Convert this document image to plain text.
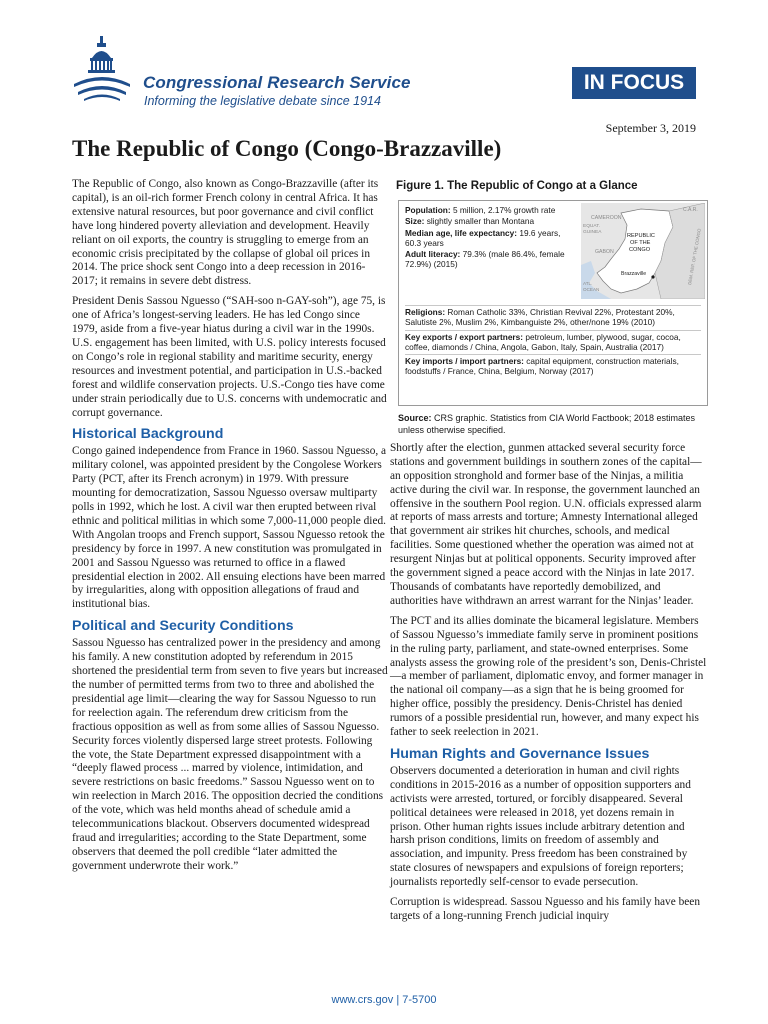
Congressional Research Service
Informing the legislative debate since 1914
IN FOCUS
September 3, 2019
The Republic of Congo (Congo-Brazzaville)

The Republic of Congo, also known as Congo-Brazzaville (after its capital), is an oil-rich former French colony in central Africa. It has extensive natural resources, but poor governance and civil conflict have long hindered poverty alleviation and development. Heavily reliant on oil exports, the country is struggling to emerge from an economic crisis precipitated by the collapse of global oil prices in 2014. The price shock sent Congo into a deep recession in 2016-2017; it remains in severe debt distress.

President Denis Sassou Nguesso (“SAH-soo n-GAY-soh”), age 75, is one of Africa’s longest-serving leaders. He has led Congo since 1979, aside from a five-year hiatus during a civil war in the 1990s. U.S. engagement has been limited, with U.S. policy interests focused on Congo’s role in regional stability and maritime security, energy resources and investment potential, and participation in U.S.-backed forest and wildlife conservation projects. U.S.-Congo ties have come under strain periodically due to U.S. concerns with undemocratic and corrupt governance.

Historical Background

Congo gained independence from France in 1960. Sassou Nguesso, a military colonel, was appointed president by the Congolese Workers Party (PCT, after its French acronym) in 1979. With pressure mounting for democratization, Sassou Nguesso oversaw multiparty polls in 1992, which he lost. A civil war then erupted between rival ethnic and political militias in which some 7,000-11,000 people died. With Angolan troops and French support, Sassou Nguesso retook the presidency by force in 1997. A new constitution was promulgated in 2001 and Sassou Nguesso was returned to office in a flawed presidential election in 2002. All ensuing elections have been marred by irregularities, along with opposition allegations of fraud and institutional bias.

Political and Security Conditions

Sassou Nguesso has centralized power in the presidency and among his family. A new constitution adopted by referendum in 2015 shortened the presidential term from seven to five years but increased the number of permitted terms from two to three and abolished the presidential age limit—clearing the way for Sassou Nguesso to run for reelection again. The referendum drew criticism from the fractious opposition as well as from some allies of Sassou Nguesso. Security forces violently dispersed large street protests. Following the vote, the State Department expressed disappointment with a “deeply flawed process ... marred by violence, intimidation, and severe restrictions on basic freedoms.” Sassou Nguesso went on to win reelection in March 2016. The opposition decried the conditions of the vote, which was held months ahead of schedule amid a telecommunications blackout. Observers documented widespread fraud and irregularities; according to the State Department, some observers that deemed the poll credible “later admitted the government underwrote their work.”

Figure 1. The Republic of Congo at a Glance
Population: 5 million, 2.17% growth rate
Size: slightly smaller than Montana
Median age, life expectancy: 19.6 years, 60.3 years
Adult literacy: 79.3% (male 86.4%, female 72.9%) (2015)
C.A.R.
CAMEROON
EQUAT.
GUINEA
GABON
REPUBLIC
OF THE
CONGO
Brazzaville
ATL.
OCEAN
DEM. REP. OF THE CONGO
Religions: Roman Catholic 33%, Christian Revival 22%, Protestant 20%, Salutiste 2%, Muslim 2%, Kimbanguiste 2%, other/none 19% (2010)
Key exports / export partners: petroleum, lumber, plywood, sugar, cocoa, coffee, diamonds / China, Angola, Gabon, Italy, Spain, Australia (2017)
Key imports / import partners: capital equipment, construction materials, foodstuffs / France, China, Belgium, Norway (2017)
Source: CRS graphic. Statistics from CIA World Factbook; 2018 estimates unless otherwise specified.

Shortly after the election, gunmen attacked several security force stations and government buildings in southern zones of the capital—an opposition stronghold and former base of the Ninjas, a militia active during the civil war. In response, the government launched an offensive in the southern Pool region. U.N. officials expressed alarm at reports of mass arrests and torture; Amnesty International alleged that government air strikes hit churches, schools, and medical facilities. Some questioned whether the operation was aimed not at resurgent Ninjas but at political opponents. Security improved after the government signed a peace accord with the Ninjas in late 2017. Thousands of combatants have reportedly demobilized, and authorities have withdrawn an arrest warrant for the Ninjas’ leader.

The PCT and its allies dominate the bicameral legislature. Members of Sassou Nguesso’s immediate family serve in prominent positions in the ruling party, parliament, and state-owned enterprises. Some analysts assess the growing role of the president’s son, Denis-Christel—a member of parliament, diplomatic envoy, and former manager in the national oil company—as a sign that he is being groomed for higher office, possibly the presidency. Denis-Christel has denied rumors of a possible presidential run, however, and many expect his father to seek reelection in 2021.

Human Rights and Governance Issues

Observers documented a deterioration in human and civil rights conditions in 2015-2016 as a number of opposition supporters and activists were arrested, tortured, or forcibly disappeared. Several political detainees were released in 2018, yet dozens remain in prison. Other human rights issues include arbitrary detention and harsh prison conditions, limits on freedom of assembly and association, and impunity. Press freedom has been constrained by state closures of newspapers and expulsions of foreign reporters; journalists reportedly self-censor to evade persecution.

Corruption is widespread. Sassou Nguesso and his family have been targets of a long-running French judicial inquiry

www.crs.gov | 7-5700
